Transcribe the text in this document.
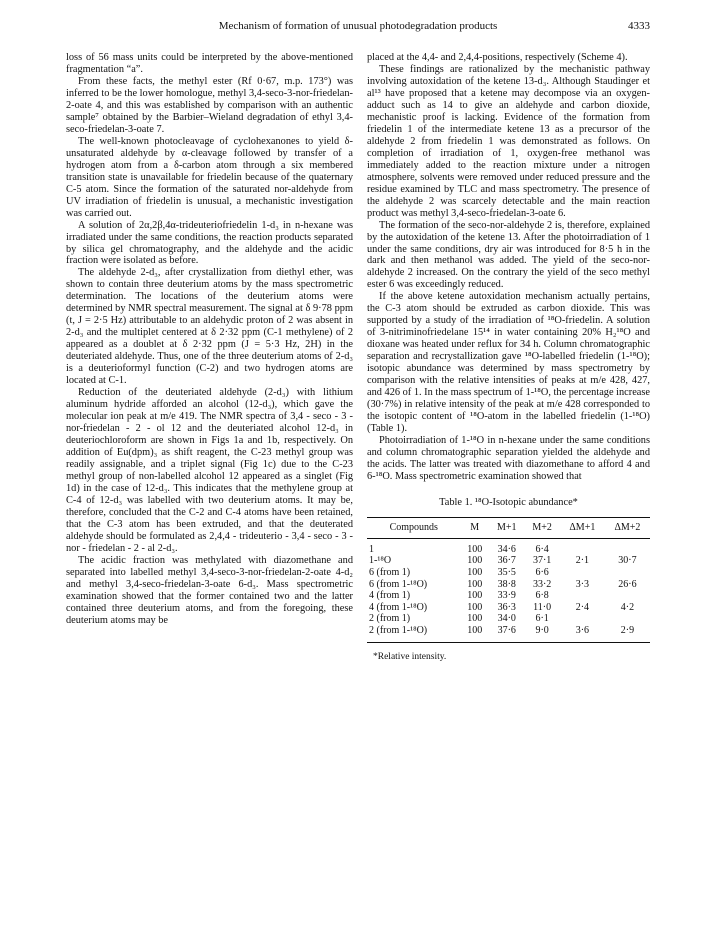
Mechanism of formation of unusual photodegradation products	4333

loss of 56 mass units could be interpreted by the above-mentioned fragmentation “a”.

From these facts, the methyl ester (Rf 0·67, m.p. 173°) was inferred to be the lower homologue, methyl 3,4-seco-3-nor-friedelan-2-oate 4, and this was established by comparison with an authentic sample⁷ obtained by the Barbier–Wieland degradation of ethyl 3,4-seco-friedelan-3-oate 7.

The well-known photocleavage of cyclohexanones to yield δ-unsaturated aldehyde by α-cleavage followed by transfer of a hydrogen atom from a δ-carbon atom through a six membered transition state is unavailable for friedelin because of the quaternary C-5 atom. Since the formation of the saturated nor-aldehyde from UV irradiation of friedelin is unusual, a mechanistic investigation was carried out.

A solution of 2α,2β,4α-trideuteriofriedelin 1-d₃ in n-hexane was irradiated under the same conditions, the reaction products separated by silica gel chromatography, and the aldehyde and the acidic fraction were isolated as before.

The aldehyde 2-d₃, after crystallization from diethyl ether, was shown to contain three deuterium atoms by the mass spectrometric determination. The locations of the deuterium atoms were determined by NMR spectral measurement. The signal at δ 9·78 ppm (t, J = 2·5 Hz) attributable to an aldehydic proton of 2 was absent in 2-d₃ and the multiplet centered at δ 2·32 ppm (C-1 methylene) of 2 appeared as a doublet at δ 2·32 ppm (J = 5·3 Hz, 2H) in the deuteriated aldehyde. Thus, one of the three deuterium atoms of 2-d₃ is a deuterioformyl function (C-2) and two hydrogen atoms are located at C-1.

Reduction of the deuteriated aldehyde (2-d₃) with lithium aluminum hydride afforded an alcohol (12-d₃), which gave the molecular ion peak at m/e 419. The NMR spectra of 3,4 - seco - 3 - nor-friedelan - 2 - ol 12 and the deuteriated alcohol 12-d₃ in deuteriochloroform are shown in Figs 1a and 1b, respectively. On addition of Eu(dpm)₃ as shift reagent, the C-23 methyl group was readily assignable, and a triplet signal (Fig 1c) due to the C-23 methyl group of non-labelled alcohol 12 appeared as a singlet (Fig 1d) in the case of 12-d₃. This indicates that the methylene group at C-4 of 12-d₃ was labelled with two deuterium atoms. It may be, therefore, concluded that the C-2 and C-4 atoms have been retained, that the C-3 atom has been extruded, and that the deuterated aldehyde should be formulated as 2,4,4 - trideuterio - 3,4 - seco - 3 - nor - friedelan - 2 - al 2-d₃.

The acidic fraction was methylated with diazomethane and separated into labelled methyl 3,4-seco-3-nor-friedelan-2-oate 4-d₂ and methyl 3,4-seco-friedelan-3-oate 6-d₃. Mass spectrometric examination showed that the former contained two and the latter contained three deuterium atoms, and from the foregoing, these deuterium atoms may be

placed at the 4,4- and 2,4,4-positions, respectively (Scheme 4).

These findings are rationalized by the mechanistic pathway involving autoxidation of the ketene 13-d₃. Although Staudinger et al¹³ have proposed that a ketene may decompose via an oxygen-adduct such as 14 to give an aldehyde and carbon dioxide, mechanistic proof is lacking. Evidence of the formation from friedelin 1 of the intermediate ketene 13 as a precursor of the aldehyde 2 from friedelin 1 was demonstrated as follows. On completion of irradiation of 1, oxygen-free methanol was immediately added to the reaction mixture under a nitrogen atmosphere, solvents were removed under reduced pressure and the residue examined by TLC and mass spectrometry. The presence of the aldehyde 2 was scarcely detectable and the main reaction product was methyl 3,4-seco-friedelan-3-oate 6.

The formation of the seco-nor-aldehyde 2 is, therefore, explained by the autoxidation of the ketene 13. After the photoirradiation of 1 under the same conditions, dry air was introduced for 8·5 h in the dark and then methanol was added. The yield of the seco-nor-aldehyde 2 increased. On the contrary the yield of the seco methyl ester 6 was exceedingly reduced.

If the above ketene autoxidation mechanism actually pertains, the C-3 atom should be extruded as carbon dioxide. This was supported by a study of the irradiation of ¹⁸O-friedelin. A solution of 3-nitriminofriedelane 15¹⁴ in water containing 20% H₂¹⁸O and dioxane was heated under reflux for 34 h. Column chromatographic separation and recrystallization gave ¹⁸O-labelled friedelin (1-¹⁸O); isotopic abundance was determined by mass spectrometry by comparison with the relative intensities of peaks at m/e 428, 427, and 426 of 1. In the mass spectrum of 1-¹⁸O, the percentage increase (30·7%) in relative intensity of the peak at m/e 428 corresponded to the isotopic content of ¹⁸O-atom in the labelled friedelin (1-¹⁸O) (Table 1).

Photoirradiation of 1-¹⁸O in n-hexane under the same conditions and column chromatographic separation yielded the aldehyde and the acids. The latter was treated with diazomethane to afford 4 and 6-¹⁸O. Mass spectrometric examination showed that

Table 1. ¹⁸O-Isotopic abundance*
Compounds	M	M+1	M+2	ΔM+1	ΔM+2
1	100	34·6	6·4		
1-¹⁸O	100	36·7	37·1	2·1	30·7
6 (from 1)	100	35·5	6·6		
6 (from 1-¹⁸O)	100	38·8	33·2	3·3	26·6
4 (from 1)	100	33·9	6·8		
4 (from 1-¹⁸O)	100	36·3	11·0	2·4	4·2
2 (from 1)	100	34·0	6·1		
2 (from 1-¹⁸O)	100	37·6	9·0	3·6	2·9
*Relative intensity.
